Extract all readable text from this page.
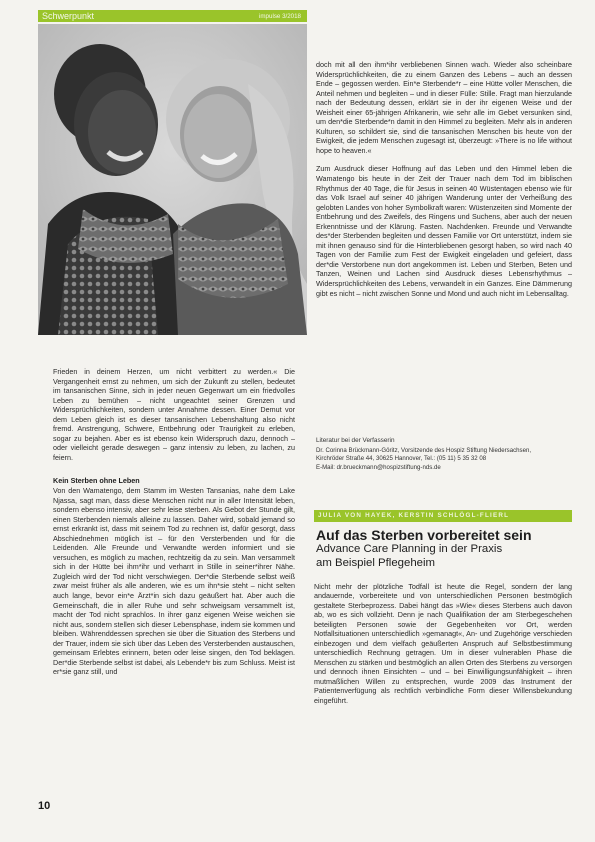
Schwerpunkt	impulse 3/2018

Frieden in deinem Herzen, um nicht verbittert zu werden.« Die Vergangenheit ernst zu nehmen, um sich der Zukunft zu stellen, bedeutet im tansanischen Sinne, sich in jeder neuen Gegenwart um ein friedvolles Leben zu bemühen – nicht ungeachtet seiner Grenzen und Widersprüchlichkeiten, sondern unter Annahme dessen. Einer Demut vor dem Leben gleich ist es dieser tansanischen Lebenshaltung also nicht fremd. Anstrengung, Schwere, Entbehrung oder Traurigkeit zu erleben, sogar zu bejahen. Aber es ist ebenso kein Widerspruch dazu, dennoch – oder vielleicht gerade deswegen – ganz intensiv zu leben, zu lachen, zu feiern.

Kein Sterben ohne Leben

Von den Wamatengo, dem Stamm im Westen Tansanias, nahe dem Lake Njassa, sagt man, dass diese Menschen nicht nur in aller Intensität leben, sondern ebenso intensiv, aber sehr leise sterben. Als Gebot der Stunde gilt, einen Sterbenden niemals alleine zu lassen. Daher wird, sobald jemand so ernst erkrankt ist, dass mit seinem Tod zu rechnen ist, dafür gesorgt, dass Abschiednehmen möglich ist – für den Versterbenden und für die Leidenden. Alle Freunde und Verwandte werden informiert und sie versuchen, es möglich zu machen, rechtzeitig da zu sein. Man versammelt sich in der Hütte bei ihm*ihr und verharrt in Stille in seiner*ihrer Nähe. Zugleich wird der Tod nicht verschwiegen. Der*die Sterbende selbst weiß zwar meist früher als alle anderen, wie es um ihn*sie steht – nicht selten auch lange, bevor ein*e Ärzt*in sich dazu geäußert hat. Aber auch die Gemeinschaft, die in aller Ruhe und sehr schweigsam versammelt ist, macht der Tod nicht sprachlos. In ihrer ganz eigenen Weise weichen sie nicht aus, sondern stellen sich dieser Lebensphase, indem sie kommen und bleiben. Währenddessen sprechen sie über die Situation des Sterbens und der Trauer, indem sie sich über das Leben des Versterbenden austauschen, gemeinsam Erlebtes erinnern, beten oder leise singen, den Tod beklagen. Der*die Sterbende selbst ist dabei, als Lebende*r bis zum Schluss. Meist ist er*sie ganz still, und

doch mit all den ihm*ihr verbliebenen Sinnen wach. Wieder also scheinbare Widersprüchlichkeiten, die zu einem Ganzen des Lebens – auch an dessen Ende – gegossen werden. Ein*e Sterbende*r – eine Hütte voller Menschen, die Anteil nehmen und begleiten – und in dieser Fülle: Stille. Fragt man hierzulande nach der Bedeutung dessen, erklärt sie in der ihr eigenen Weise und der Weisheit einer 65-jährigen Afrikanerin, wie sehr alle im Gebet versunken sind, um den*die Sterbende*n damit in den Himmel zu begleiten. Mehr als in anderen Kulturen, so schildert sie, sind die tansanischen Menschen bis heute von der Ewigkeit, die jedem Menschen zugesagt ist, überzeugt: »There is no life without hope to heaven.«

Zum Ausdruck dieser Hoffnung auf das Leben und den Himmel leben die Wamatengo bis heute in der Zeit der Trauer nach dem Tod im biblischen Rhythmus der 40 Tage, die für Jesus in seinen 40 Wüstentagen ebenso wie für das Volk Israel auf seiner 40 jährigen Wanderung unter der Verheißung des gelobten Landes von hoher Symbolkraft waren: Wüstenzeiten sind Momente der Entbehrung und des Zweifels, des Ringens und Suchens, aber auch der neuen Erkenntnisse und der Klärung. Fasten. Nachdenken. Freunde und Verwandte des*der Sterbenden begleiten und dessen Familie vor Ort unterstützt, indem sie mit ihnen genauso sind für die Hinterbliebenen gesorgt haben, so wird nach 40 Tagen von der Familie zum Fest der Ewigkeit eingeladen und gefeiert, dass der*die Verstorbene nun dort angekommen ist. Leben und Sterben, Beten und Tanzen, Weinen und Lachen sind Ausdruck dieses Lebensrhythmus – Widersprüchlichkeiten des Lebens, verwandelt in ein Ganzes. Eine Dämmerung gibt es nicht – nicht zwischen Sonne und Mond und auch nicht im Lebensalltag.

Literatur bei der Verfasserin
Dr. Corinna Brückmann-Göritz, Vorsitzende des Hospiz Stiftung Niedersachsen,
Kirchröder Straße 44, 30625 Hannover, Tel.: (05 11) 5 35 32 08
E-Mail: dr.brueckmann@hospizstiftung-nds.de
JULIA VON HAYEK, KERSTIN SCHLÖGL-FLIERL
Auf das Sterben vorbereitet sein
Advance Care Planning in der Praxis
am Beispiel Pflegeheim
Nicht mehr der plötzliche Todfall ist heute die Regel, sondern der lang andauernde, vorbereitete und von unterschiedlichen Personen bestmöglich gestaltete Sterbeprozess. Dabei hängt das »Wie« dieses Sterbens auch davon ab, wo es sich vollzieht. Denn je nach Qualifikation der am Sterbegeschehen beteiligten Personen sowie der Gegebenheiten vor Ort, werden Notfallsituationen unterschiedlich »gemanagt«, An- und Zugehörige verschieden einbezogen und dem vielfach geäußerten Anspruch auf Selbstbestimmung unterschiedlich Rechnung getragen. Um in dieser vulnerablen Phase die Menschen zu stärken und bestmöglich an allen Orten des Sterbens zu versorgen und dennoch ihnen Einsichten – und – bei Einwilligungsunfähigkeit – ihren mutmaßlichen Willen zu entsprechen, wurde 2009 das Instrument der Patientenverfügung als rechtlich verbindliche Form dieser Willensbekundung eingeführt.
10
